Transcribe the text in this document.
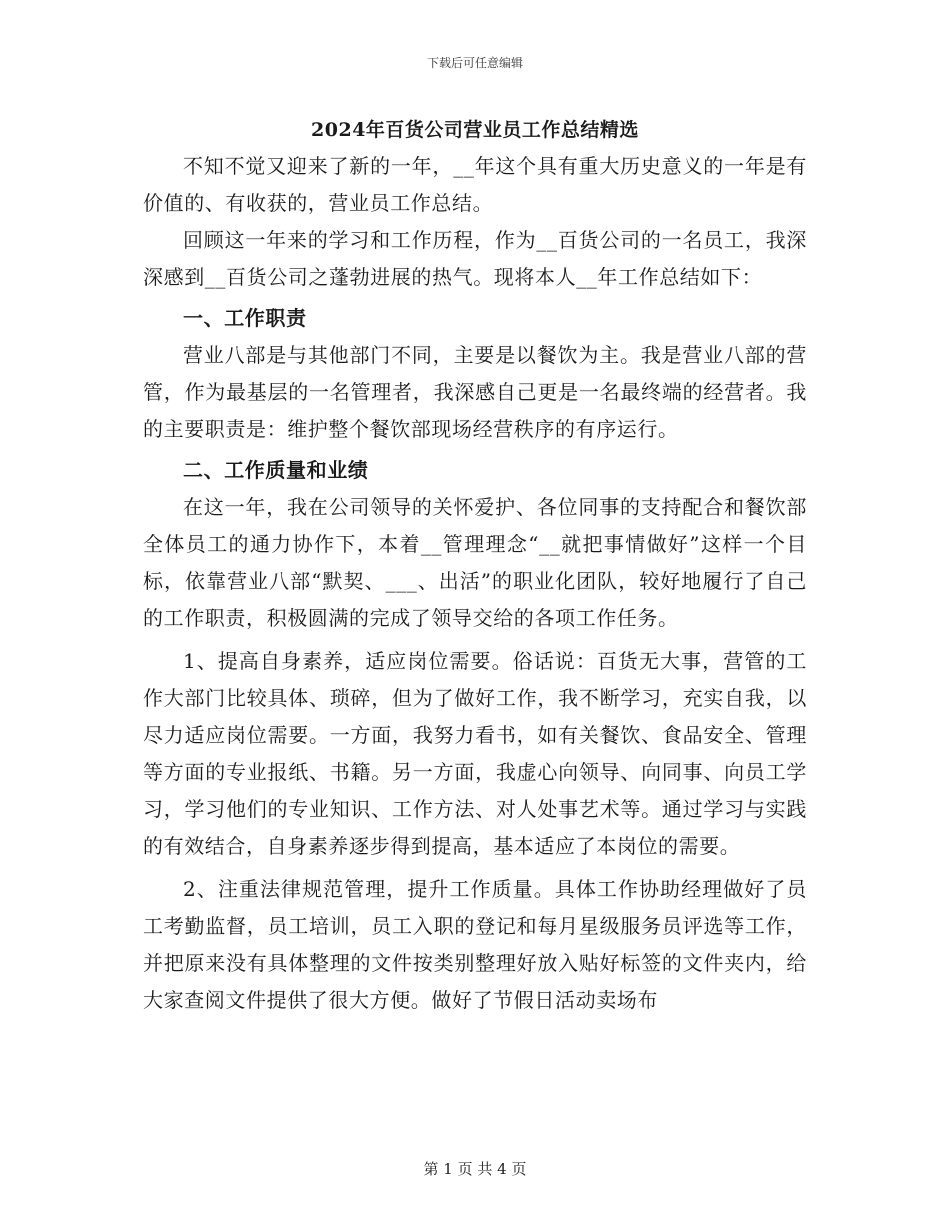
下载后可任意编辑
2024年百货公司营业员工作总结精选

不知不觉又迎来了新的一年，__年这个具有重大历史意义的一年是有价值的、有收获的，营业员工作总结。

回顾这一年来的学习和工作历程，作为__百货公司的一名员工，我深深感到__百货公司之蓬勃进展的热气。现将本人__年工作总结如下：

一、工作职责

营业八部是与其他部门不同，主要是以餐饮为主。我是营业八部的营管，作为最基层的一名管理者，我深感自己更是一名最终端的经营者。我的主要职责是：维护整个餐饮部现场经营秩序的有序运行。

二、工作质量和业绩

在这一年，我在公司领导的关怀爱护、各位同事的支持配合和餐饮部全体员工的通力协作下，本着__管理理念“__就把事情做好”这样一个目标，依靠营业八部“默契、___、出活”的职业化团队，较好地履行了自己的工作职责，积极圆满的完成了领导交给的各项工作任务。

1、提高自身素养，适应岗位需要。俗话说：百货无大事，营管的工作大部门比较具体、琐碎，但为了做好工作，我不断学习，充实自我，以尽力适应岗位需要。一方面，我努力看书，如有关餐饮、食品安全、管理等方面的专业报纸、书籍。另一方面，我虚心向领导、向同事、向员工学习，学习他们的专业知识、工作方法、对人处事艺术等。通过学习与实践的有效结合，自身素养逐步得到提高，基本适应了本岗位的需要。

2、注重法律规范管理，提升工作质量。具体工作协助经理做好了员工考勤监督，员工培训，员工入职的登记和每月星级服务员评选等工作，并把原来没有具体整理的文件按类别整理好放入贴好标签的文件夹内，给大家查阅文件提供了很大方便。做好了节假日活动卖场布

第 1 页 共 4 页
